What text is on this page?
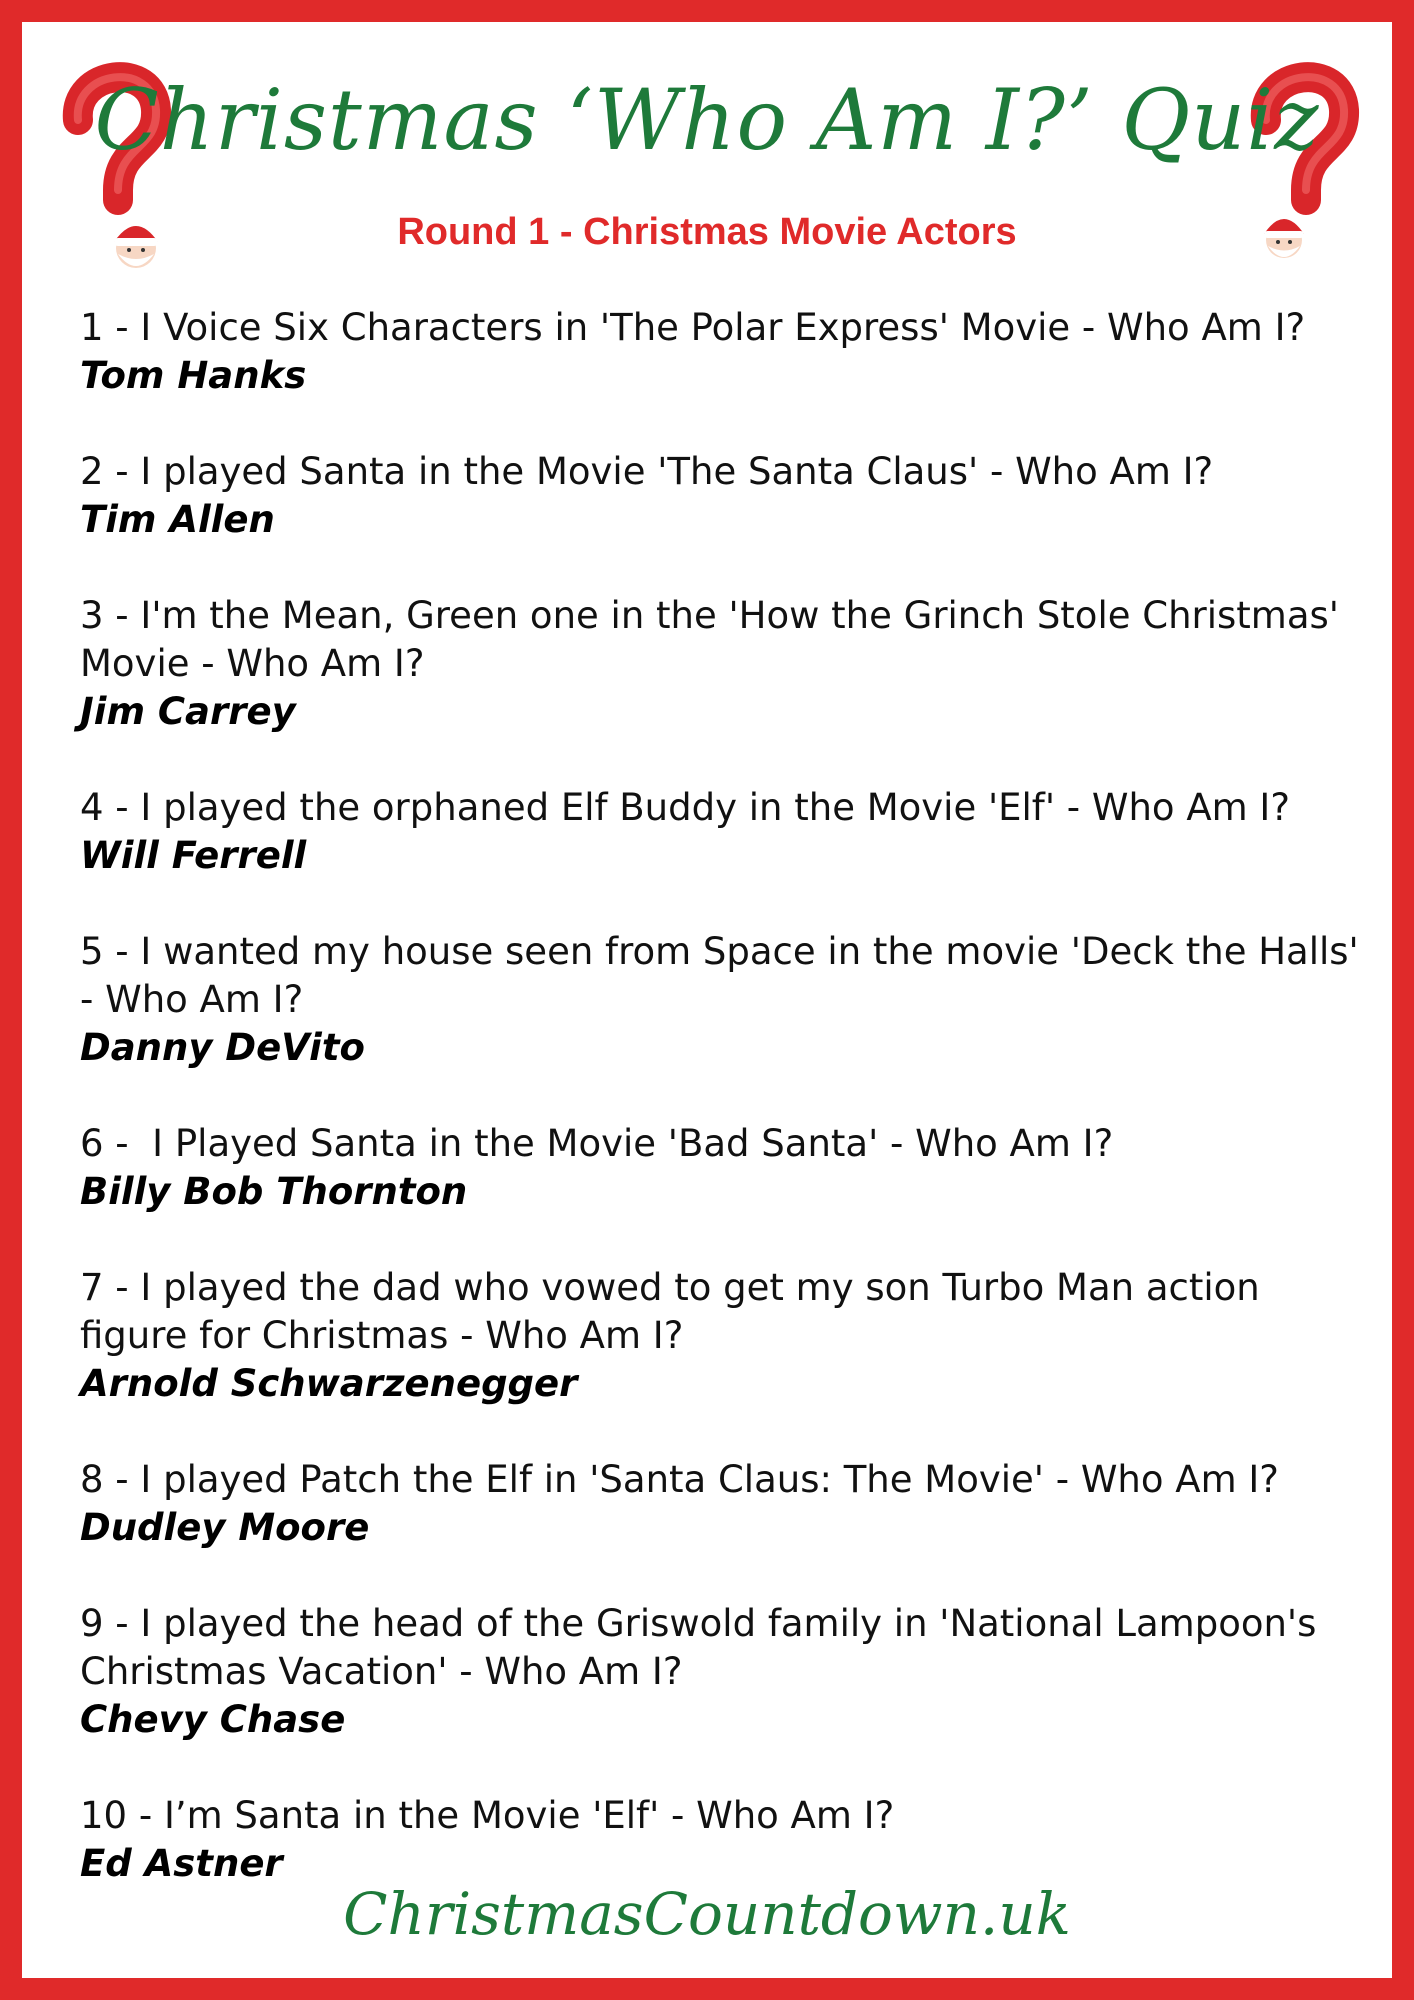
Christmas ‘Who Am I?’ Quiz
Round 1 - Christmas Movie Actors

1 - I Voice Six Characters in 'The Polar Express' Movie - Who Am I?

Tom Hanks

2 - I played Santa in the Movie 'The Santa Claus' - Who Am I?

Tim Allen

3 - I'm the Mean, Green one in the 'How the Grinch Stole Christmas' Movie - Who Am I?

Jim Carrey

4 - I played the orphaned Elf Buddy in the Movie 'Elf' - Who Am I?

Will Ferrell

5 - I wanted my house seen from Space in the movie 'Deck the Halls' - Who Am I?

Danny DeVito

6 -  I Played Santa in the Movie 'Bad Santa' - Who Am I?

Billy Bob Thornton

7 - I played the dad who vowed to get my son Turbo Man action figure for Christmas - Who Am I?

Arnold Schwarzenegger

8 - I played Patch the Elf in 'Santa Claus: The Movie' - Who Am I?

Dudley Moore

9 - I played the head of the Griswold family in 'National Lampoon's Christmas Vacation' - Who Am I?

Chevy Chase

10 - I’m Santa in the Movie 'Elf' - Who Am I?

Ed Astner

ChristmasCountdown.uk
